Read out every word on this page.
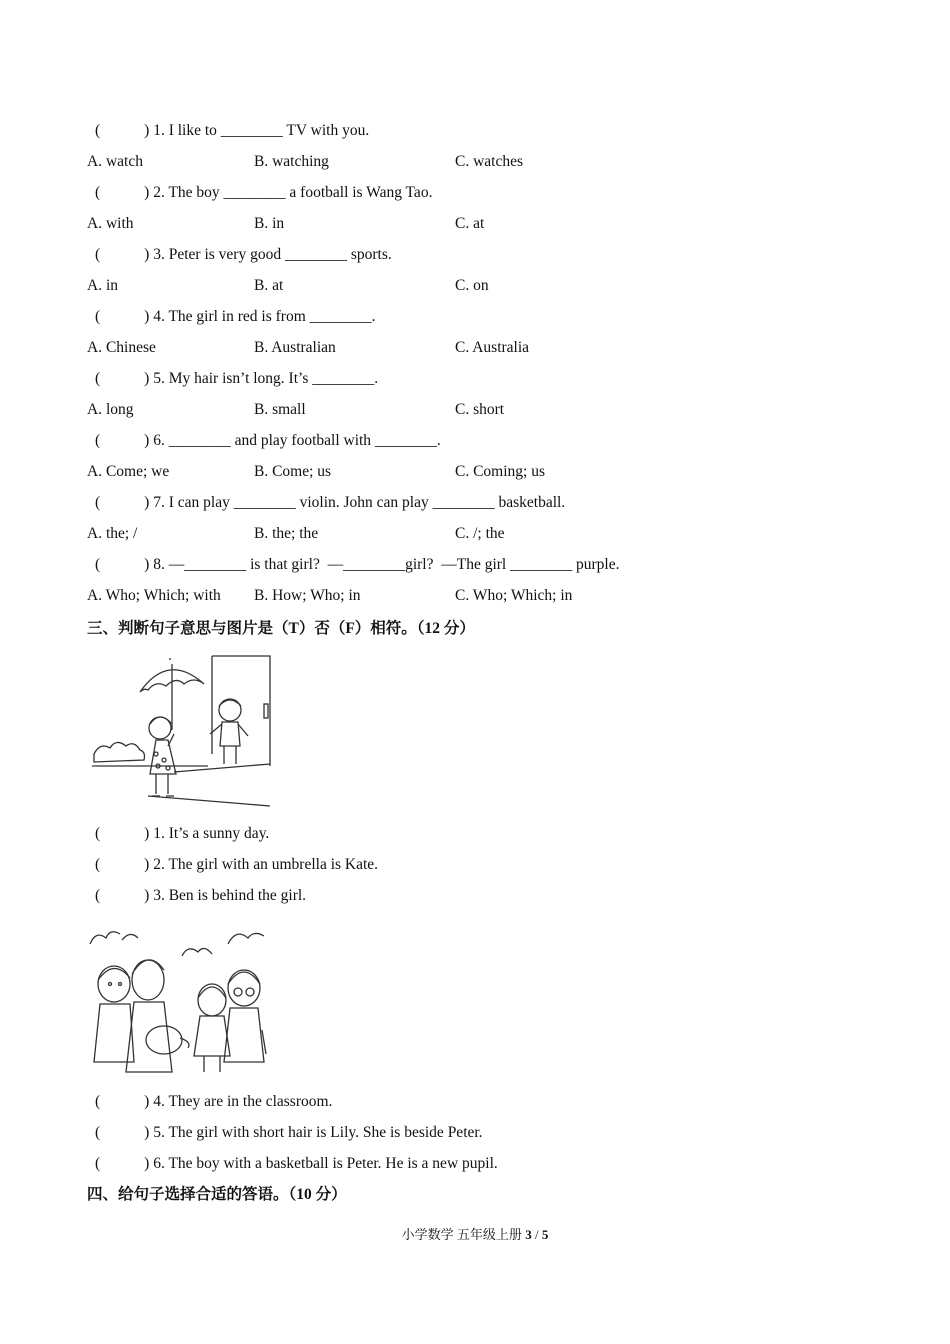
(	) 1. I like to ________ TV with you.
A. watch	B. watching	C. watches
(	) 2. The boy ________ a football is Wang Tao.
A. with	B. in	C. at
(	) 3. Peter is very good ________ sports.
A. in	B. at	C. on
(	) 4. The girl in red is from ________.
A. Chinese	B. Australian	C. Australia
(	) 5. My hair isn’t long. It’s ________.
A. long	B. small	C. short
(	) 6. ________ and play football with ________.
A. Come; we	B. Come; us	C. Coming; us
(	) 7. I can play ________ violin. John can play ________ basketball.
A. the; /	B. the; the	C. /; the
(	) 8. —________ is that girl?  —________girl?  —The girl ________ purple.
A. Who; Which; with B. How; Who; in	C. Who; Which; in
三、判断句子意思与图片是（T）否（F）相符。（12 分）
(	) 1. It’s a sunny day.
(	) 2. The girl with an umbrella is Kate.
(	) 3. Ben is behind the girl.
(	) 4. They are in the classroom.
(	) 5. The girl with short hair is Lily. She is beside Peter.
(	) 6. The boy with a basketball is Peter. He is a new pupil.
四、给句子选择合适的答语。（10 分）
小学数学 五年级上册 3 / 5
